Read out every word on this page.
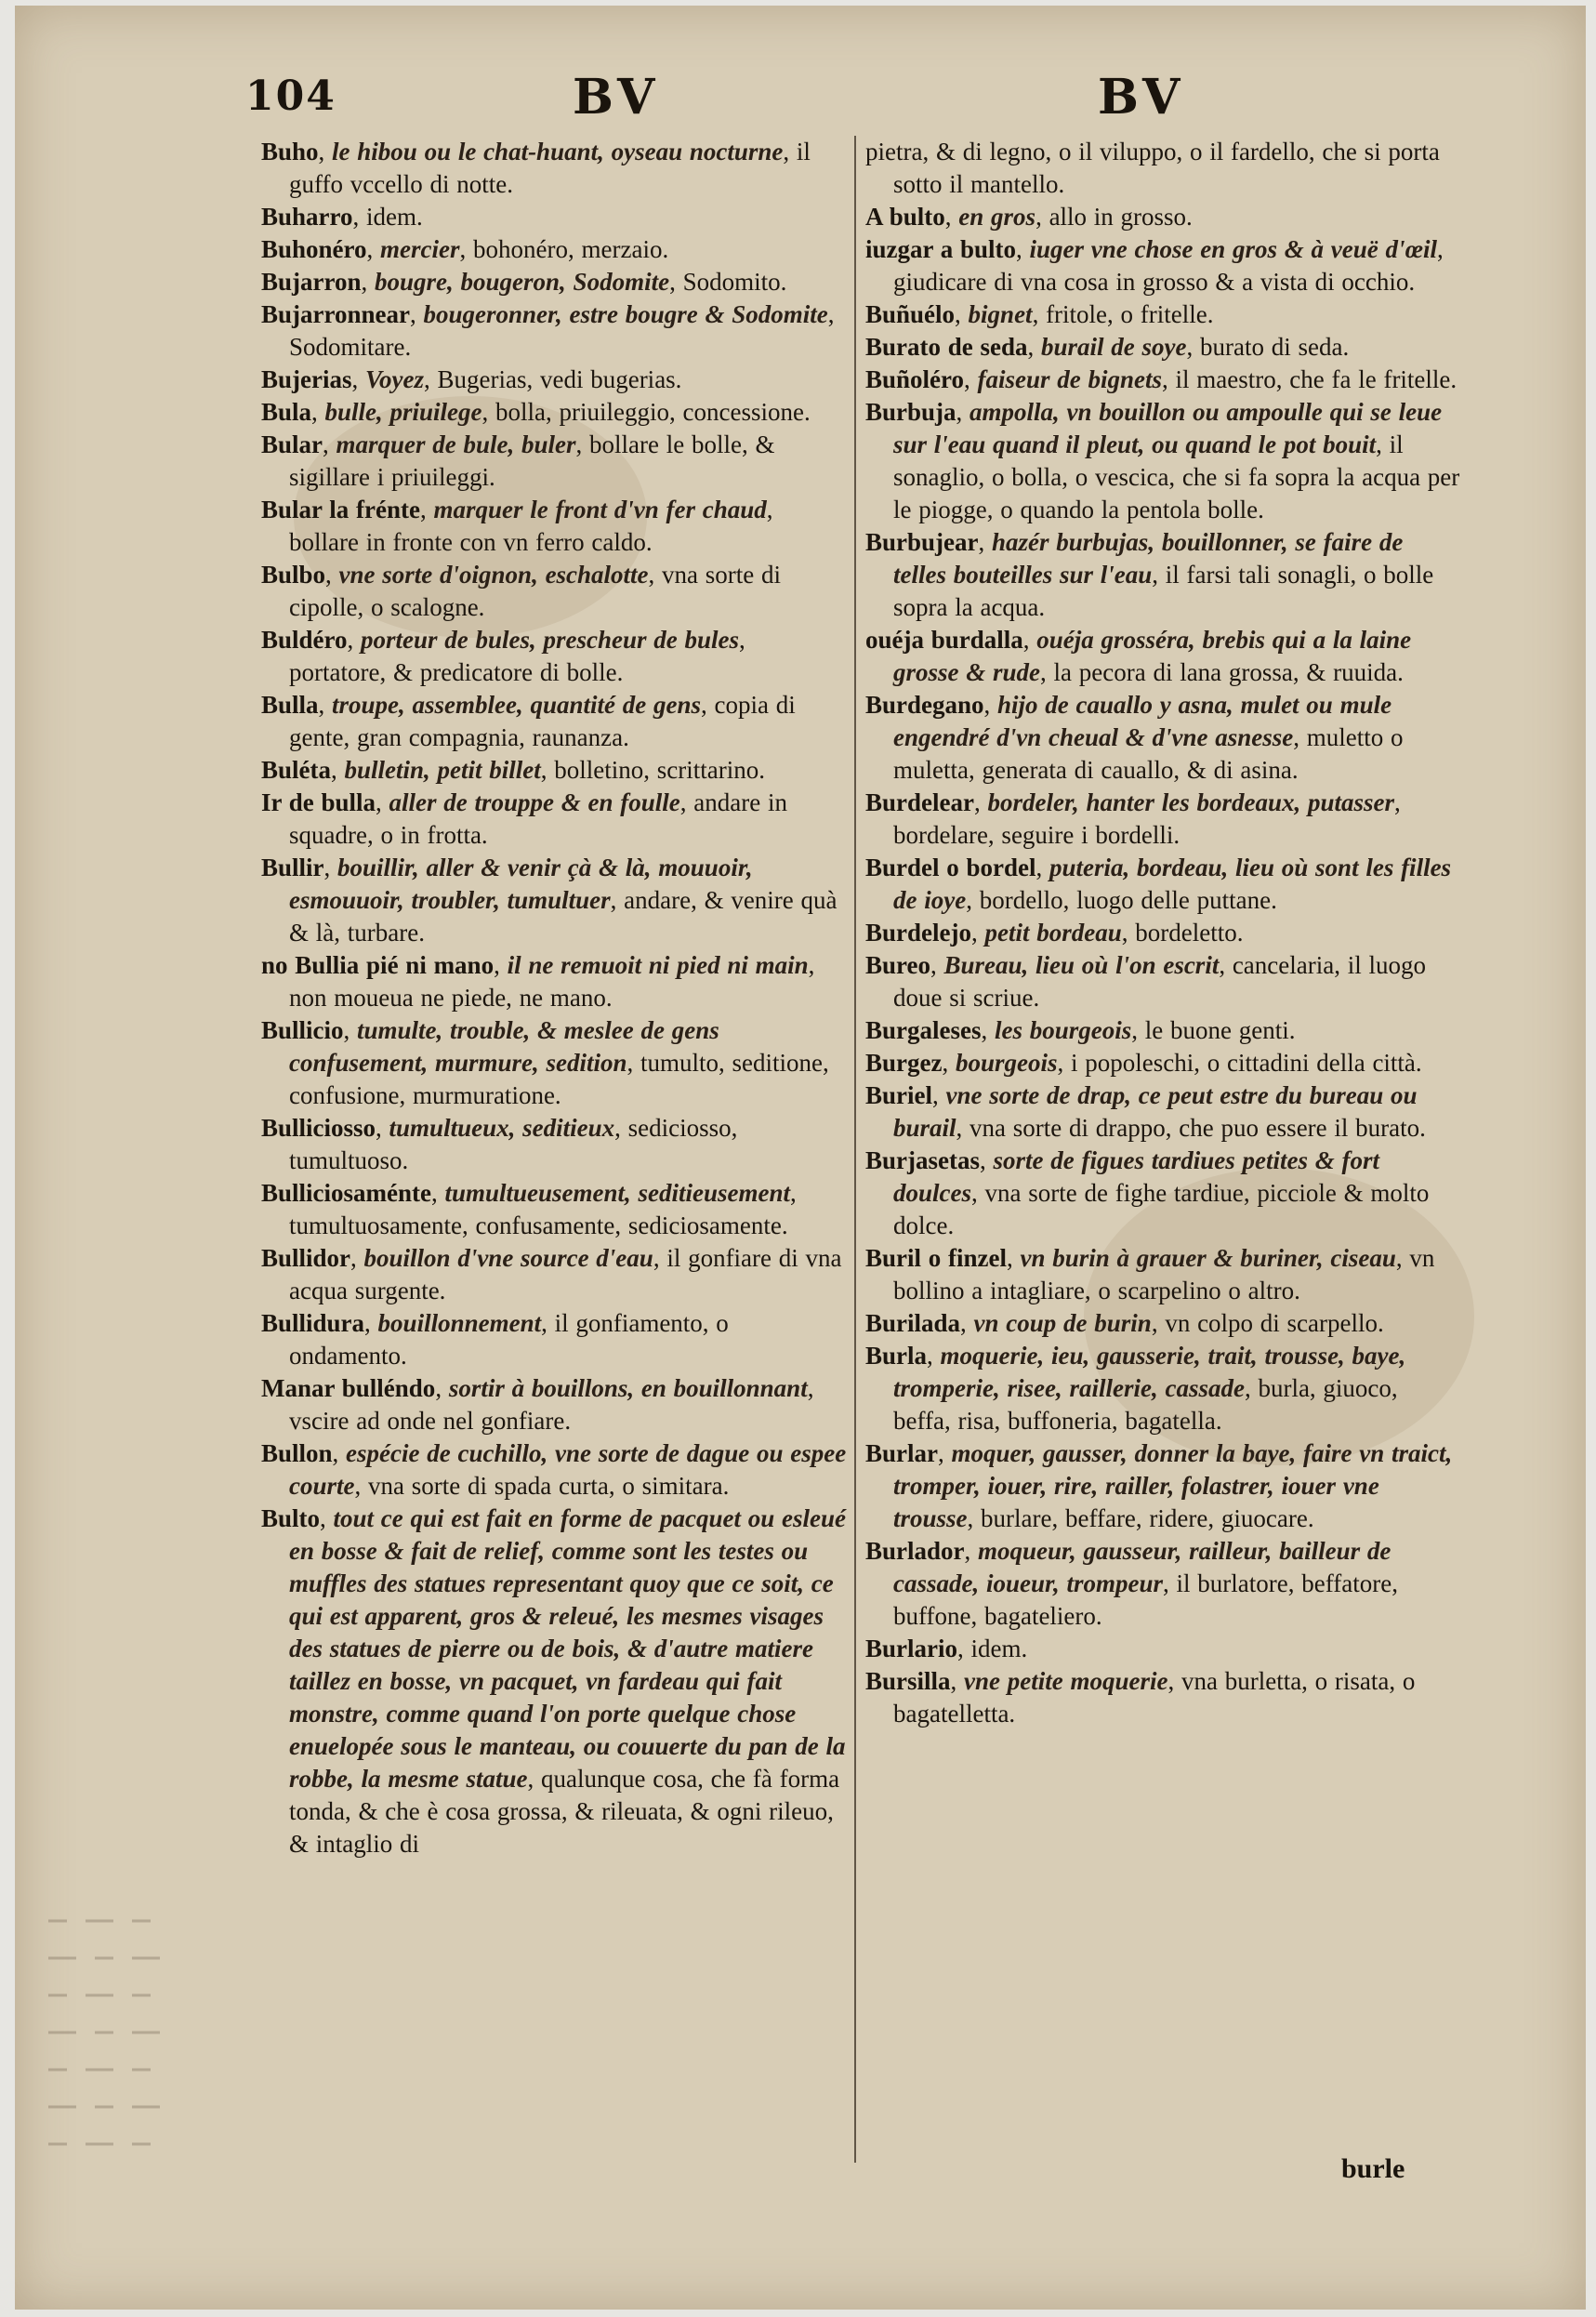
104	BV	BV

Buho, le hibou ou le chat-huant, oyseau nocturne, il guffo vccello di notte.

Buharro, idem.

Buhonéro, mercier, bohonéro, merzaio.

Bujarron, bougre, bougeron, Sodomite, Sodomito.

Bujarronnear, bougeronner, estre bougre & Sodomite, Sodomitare.

Bujerias, Voyez, Bugerias, vedi bugerias.

Bula, bulle, priuilege, bolla, priuileggio, concessione.

Bular, marquer de bule, buler, bollare le bolle, & sigillare i priuileggi.

Bular la frénte, marquer le front d'vn fer chaud, bollare in fronte con vn ferro caldo.

Bulbo, vne sorte d'oignon, eschalotte, vna sorte di cipolle, o scalogne.

Buldéro, porteur de bules, prescheur de bules, portatore, & predicatore di bolle.

Bulla, troupe, assemblee, quantité de gens, copia di gente, gran compagnia, raunanza.

Buléta, bulletin, petit billet, bolletino, scrittarino.

Ir de bulla, aller de trouppe & en foulle, andare in squadre, o in frotta.

Bullir, bouillir, aller & venir çà & là, mouuoir, esmouuoir, troubler, tumultuer, andare, & venire quà & là, turbare.

no Bullia pié ni mano, il ne remuoit ni pied ni main, non moueua ne piede, ne mano.

Bullicio, tumulte, trouble, & meslee de gens confusement, murmure, sedition, tumulto, seditione, confusione, murmuratione.

Bulliciosso, tumultueux, seditieux, sediciosso, tumultuoso.

Bulliciosaménte, tumultueusement, seditieusement, tumultuosamente, confusamente, sediciosamente.

Bullidor, bouillon d'vne source d'eau, il gonfiare di vna acqua surgente.

Bullidura, bouillonnement, il gonfiamento, o ondamento.

Manar bulléndo, sortir à bouillons, en bouillonnant, vscire ad onde nel gonfiare.

Bullon, espécie de cuchillo, vne sorte de dague ou espee courte, vna sorte di spada curta, o simitara.

Bulto, tout ce qui est fait en forme de pacquet ou esleué en bosse & fait de relief, comme sont les testes ou muffles des statues representant quoy que ce soit, ce qui est apparent, gros & releué, les mesmes visages des statues de pierre ou de bois, & d'autre matiere taillez en bosse, vn pacquet, vn fardeau qui fait monstre, comme quand l'on porte quelque chose enuelopée sous le manteau, ou couuerte du pan de la robbe, la mesme statue, qualunque cosa, che fà forma tonda, & che è cosa grossa, & rileuata, & ogni rileuo, & intaglio di

pietra, & di legno, o il viluppo, o il fardello, che si porta sotto il mantello.

A bulto, en gros, allo in grosso.

iuzgar a bulto, iuger vne chose en gros & à veuë d'œil, giudicare di vna cosa in grosso & a vista di occhio.

Buñuélo, bignet, fritole, o fritelle.

Burato de seda, burail de soye, burato di seda.

Buñoléro, faiseur de bignets, il maestro, che fa le fritelle.

Burbuja, ampolla, vn bouillon ou ampoulle qui se leue sur l'eau quand il pleut, ou quand le pot bouit, il sonaglio, o bolla, o vescica, che si fa sopra la acqua per le piogge, o quando la pentola bolle.

Burbujear, hazér burbujas, bouillonner, se faire de telles bouteilles sur l'eau, il farsi tali sonagli, o bolle sopra la acqua.

ouéja burdalla, ouéja grosséra, brebis qui a la laine grosse & rude, la pecora di lana grossa, & ruuida.

Burdegano, hijo de cauallo y asna, mulet ou mule engendré d'vn cheual & d'vne asnesse, muletto o muletta, generata di cauallo, & di asina.

Burdelear, bordeler, hanter les bordeaux, putasser, bordelare, seguire i bordelli.

Burdel o bordel, puteria, bordeau, lieu où sont les filles de ioye, bordello, luogo delle puttane.

Burdelejo, petit bordeau, bordeletto.

Bureo, Bureau, lieu où l'on escrit, cancelaria, il luogo doue si scriue.

Burgaleses, les bourgeois, le buone genti.

Burgez, bourgeois, i popoleschi, o cittadini della città.

Buriel, vne sorte de drap, ce peut estre du bureau ou burail, vna sorte di drappo, che puo essere il burato.

Burjasetas, sorte de figues tardiues petites & fort doulces, vna sorte de fighe tardiue, picciole & molto dolce.

Buril o finzel, vn burin à grauer & buriner, ciseau, vn bollino a intagliare, o scarpelino o altro.

Burilada, vn coup de burin, vn colpo di scarpello.

Burla, moquerie, ieu, gausserie, trait, trousse, baye, tromperie, risee, raillerie, cassade, burla, giuoco, beffa, risa, buffoneria, bagatella.

Burlar, moquer, gausser, donner la baye, faire vn traict, tromper, iouer, rire, railler, folastrer, iouer vne trousse, burlare, beffare, ridere, giuocare.

Burlador, moqueur, gausseur, railleur, bailleur de cassade, ioueur, trompeur, il burlatore, beffatore, buffone, bagateliero.

Burlario, idem.

Bursilla, vne petite moquerie, vna burletta, o risata, o bagatelletta.

burle
